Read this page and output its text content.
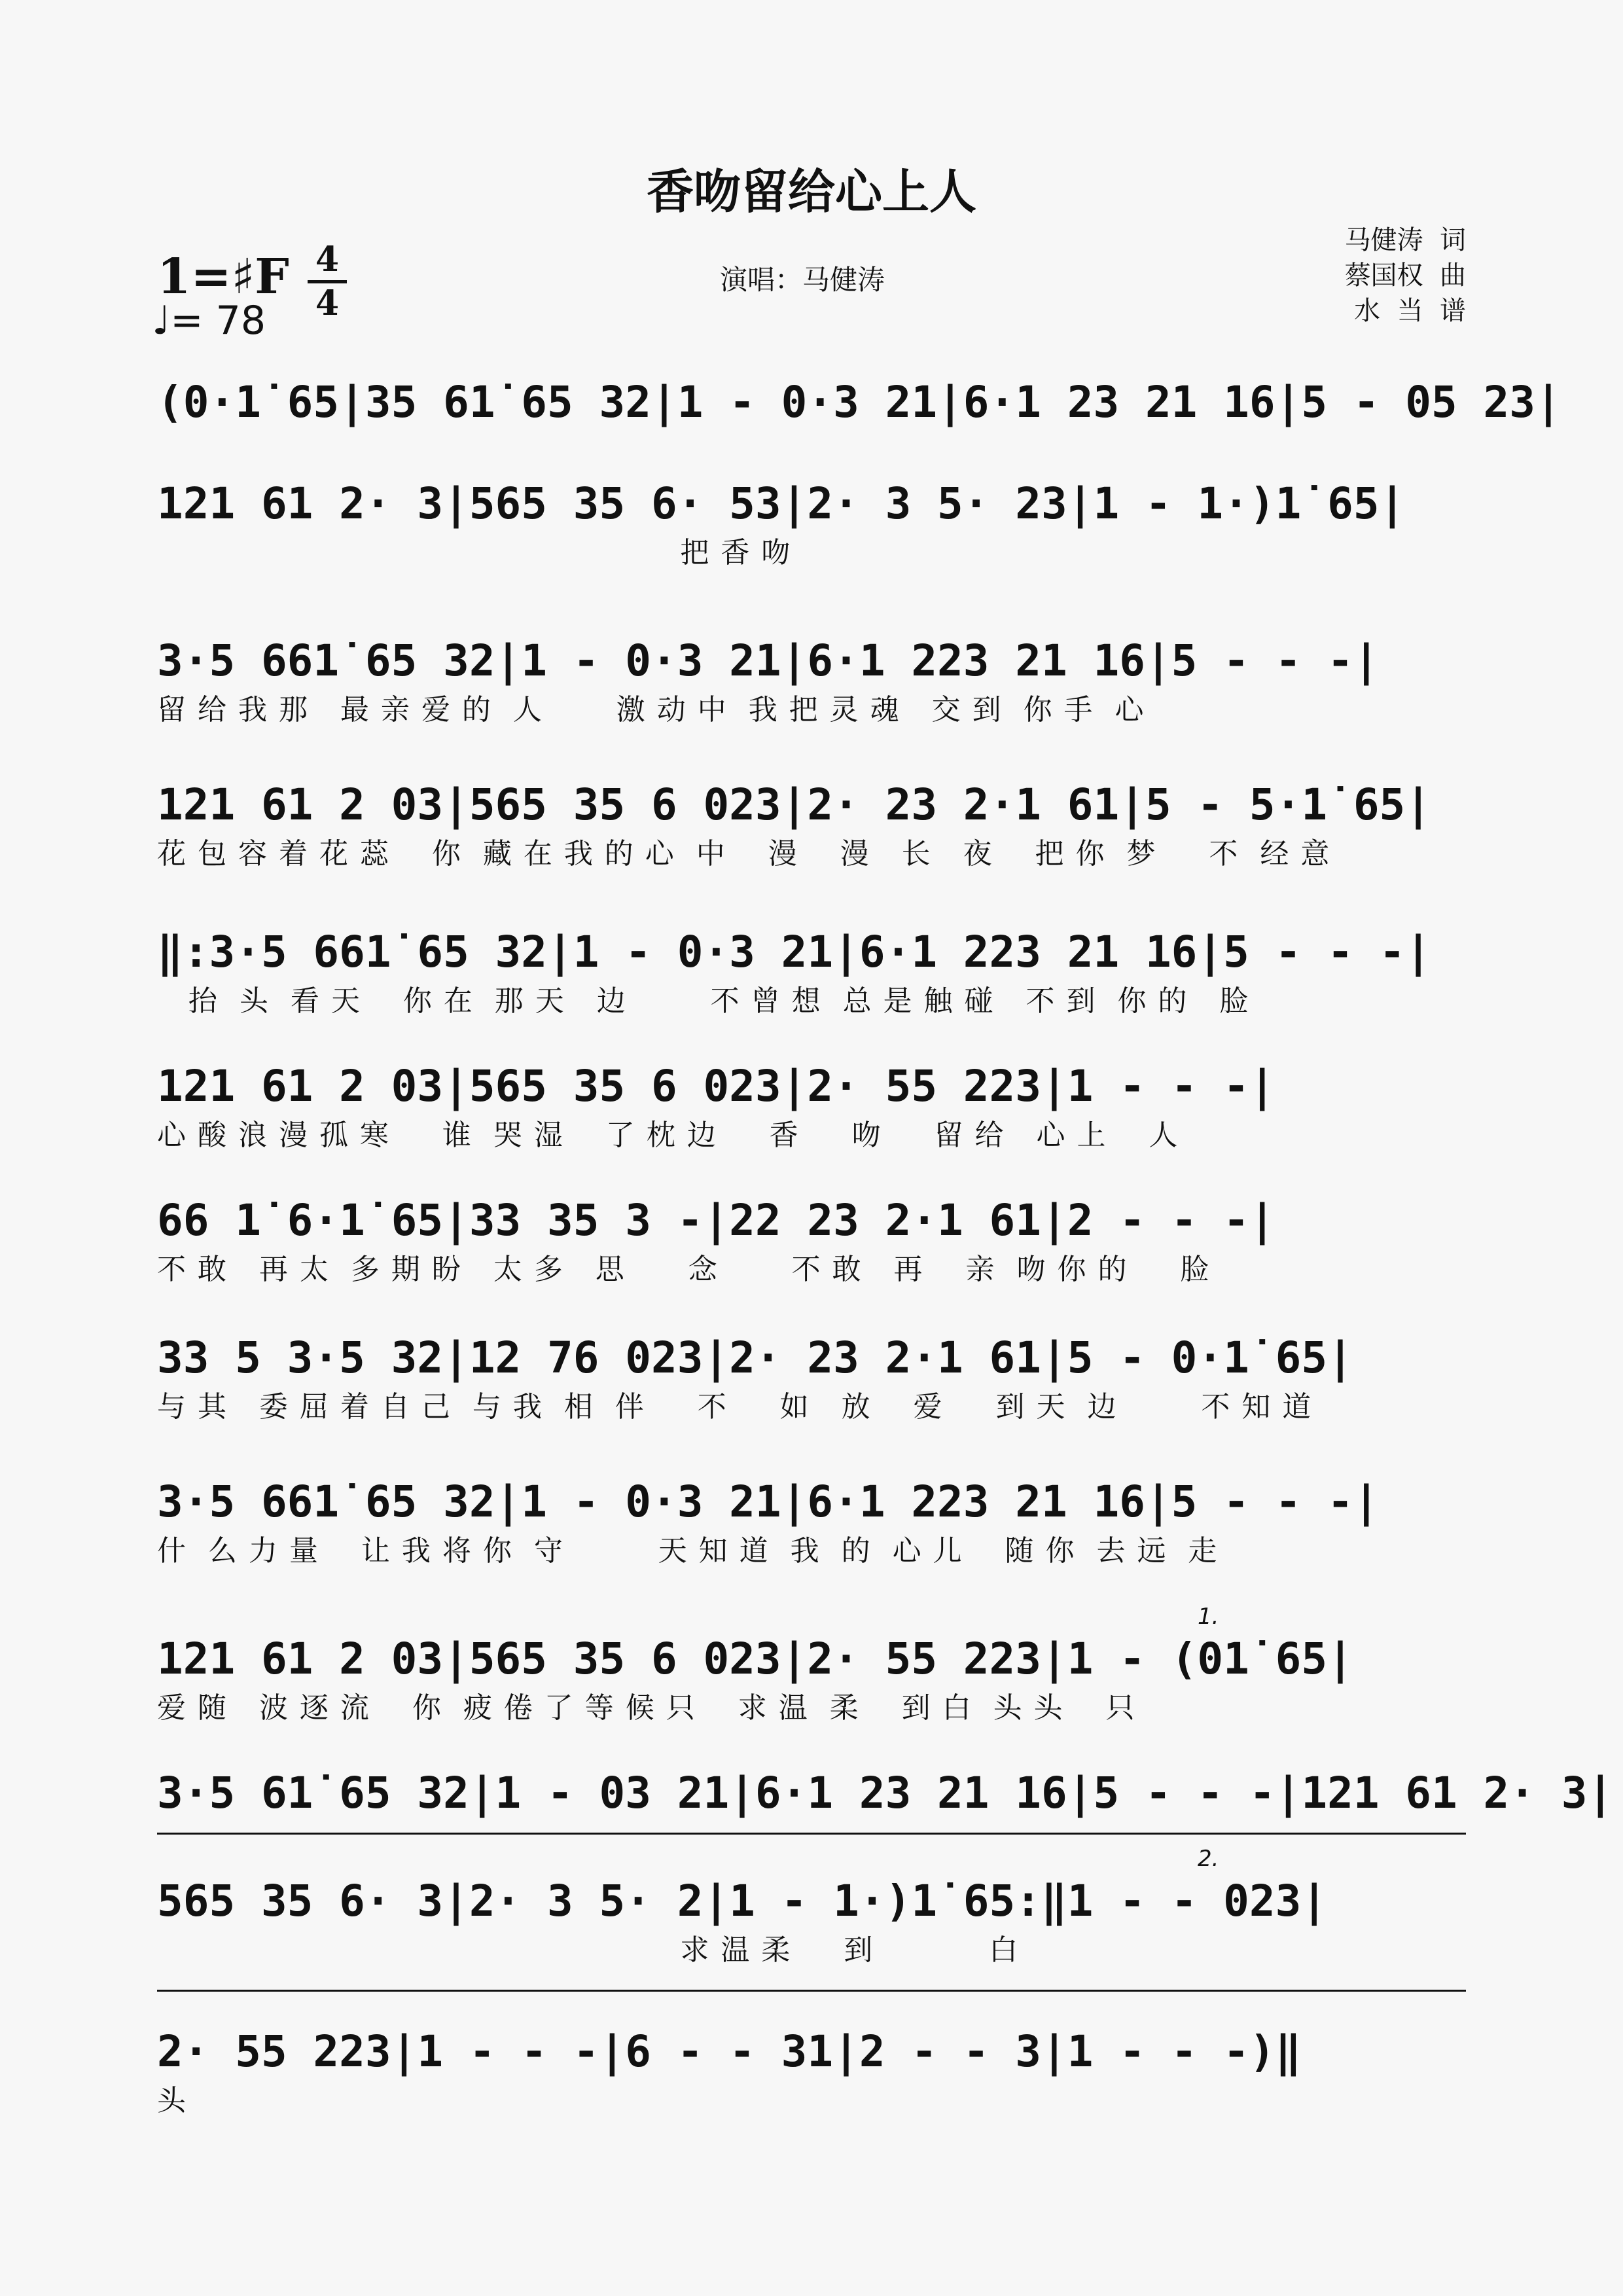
香吻留给心上人
1=♯F 4
4
♩= 78
演唱：马健涛
马健涛  词
蔡国权  曲
水  当  谱
(0·1̇ 65|35 61̇ 65 32|1 - 0·3 21|6·1 23 21 16|5 - 05 23|
121 61 2· 3|565 35 6· 53|2· 3 5· 23|1 - 1·)1̇ 65|
把 香 吻
3·5 661̇ 65 32|1 - 0·3 21|6·1 223 21 16|5 - - -|
留 给 我 那   最 亲 爱 的  人       激 动 中  我 把 灵 魂   交 到  你 手  心
121 61 2 03|565 35 6 023|2· 23 2·1 61|5 - 5·1̇ 65|
花 包 容 着 花 蕊    你  藏 在 我 的 心  中    漫    漫   长   夜    把 你  梦     不  经 意
‖:3·5 661̇ 65 32|1 - 0·3 21|6·1 223 21 16|5 - - -|
抬  头  看 天    你 在  那 天   边        不 曾 想  总 是 触 碰   不 到  你 的   脸
121 61 2 03|565 35 6 023|2· 55 223|1 - - -|
心 酸 浪 漫 孤 寒     谁  哭 湿    了 枕 边     香     吻     留 给   心 上    人
66 1̇ 6·1̇ 65|33 35 3 -|22 23 2·1 61|2 - - -|
不 敢   再 太  多 期 盼   太 多   思      念       不 敢   再    亲  吻 你 的     脸
33 5 3·5 32|12 76 023|2· 23 2·1 61|5 - 0·1̇ 65|
与 其   委 屈 着 自 己  与 我  相  伴     不     如   放    爱     到 天  边        不 知 道
3·5 661̇ 65 32|1 - 0·3 21|6·1 223 21 16|5 - - -|
什  么 力 量    让 我 将 你  守         天 知 道  我  的  心 儿    随 你  去 远  走
121 61 2 03|565 35 6 023|2· 55 223|1 - (01̇ 65|
爱 随   波 逐 流    你  疲 倦 了 等 候 只    求 温  柔    到 白  头 头    只
3·5 61̇ 65 32|1 - 03 21|6·1 23 21 16|5 - - -|121 61 2· 3|
565 35 6· 3|2· 3 5· 2|1 - 1·)1̇ 65:‖1 - - 023|
求 温 柔     到           白
2· 55 223|1 - - -|6 - - 31|2 - - 3|1 - - -)‖
头
1.
2.
